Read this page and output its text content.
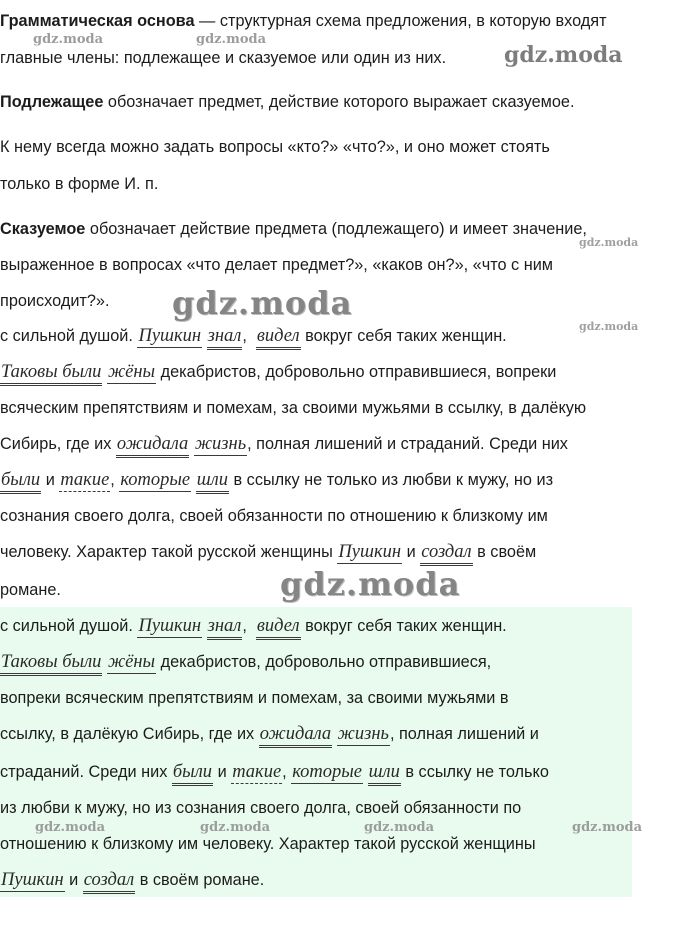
Грамматическая основа — структурная схема предложения, в которую входят
главные члены: подлежащее и сказуемое или один из них.
Подлежащее обозначает предмет, действие которого выражает сказуемое.
К нему всегда можно задать вопросы «кто?» «что?», и оно может стоять
только в форме И. п.
Сказуемое обозначает действие предмета (подлежащего) и имеет значение,
выраженное в вопросах «что делает предмет?», «каков он?», «что с ним
происходит?».
с сильной душой. Пушкин знал,  видел вокруг себя таких женщин.
Таковы были жёны декабристов, добровольно отправившиеся, вопреки
всяческим препятствиям и помехам, за своими мужьями в ссылку, в далёкую
Сибирь, где их ожидала жизнь, полная лишений и страданий. Среди них
были и такие, которые шли в ссылку не только из любви к мужу, но из
сознания своего долга, своей обязанности по отношению к близкому им
человеку. Характер такой русской женщины Пушкин и создал в своём
романе.
с сильной душой. Пушкин знал,  видел вокруг себя таких женщин.
Таковы были жёны декабристов, добровольно отправившиеся,
вопреки всяческим препятствиям и помехам, за своими мужьями в
ссылку, в далёкую Сибирь, где их ожидала жизнь, полная лишений и
страданий. Среди них были и такие, которые шли в ссылку не только
из любви к мужу, но из сознания своего долга, своей обязанности по
отношению к близкому им человеку. Характер такой русской женщины
Пушкин и создал в своём романе.
gdz.moda	gdz.moda
gdz.moda
gdz.moda
gdz.moda
gdz.moda
gdz.moda
gdz.moda	gdz.moda	gdz.moda	gdz.moda
